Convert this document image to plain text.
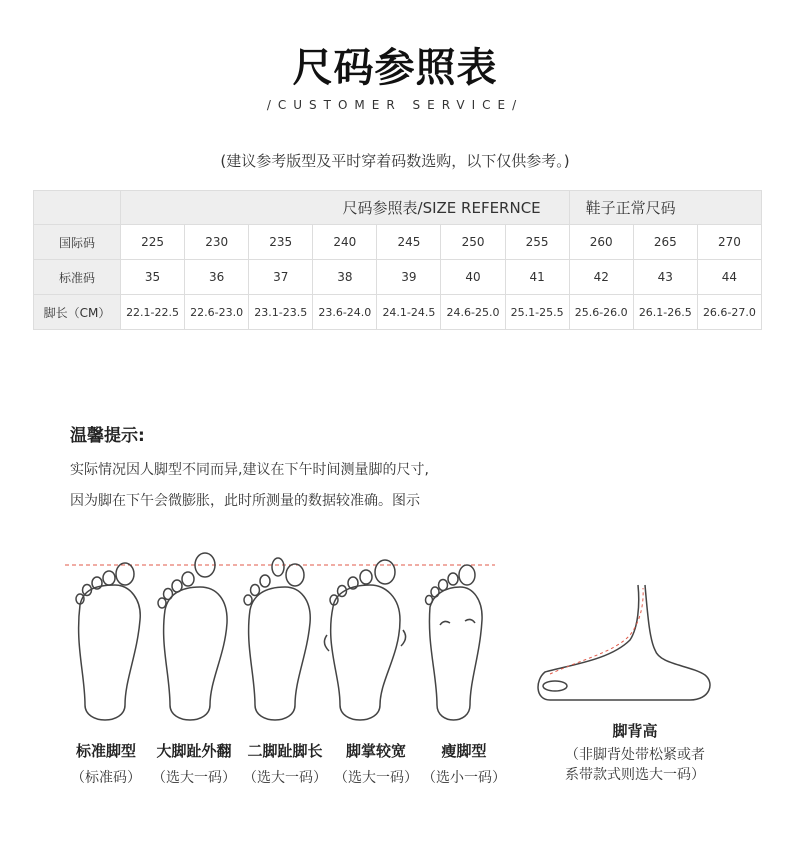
尺码参照表
/CUSTOMER SERVICE/
(建议参考版型及平时穿着码数选购，以下仅供参考。)
	尺码参照表/SIZE REFERNCE							鞋子正常尺码		
国际码	225	230	235	240	245	250	255	260	265	270
标准码	35	36	37	38	39	40	41	42	43	44
脚长（CM）	22.1-22.5	22.6-23.0	23.1-23.5	23.6-24.0	24.1-24.5	24.6-25.0	25.1-25.5	25.6-26.0	26.1-26.5	26.6-27.0
温馨提示:
实际情况因人脚型不同而异,建议在下午时间测量脚的尺寸,
因为脚在下午会微膨胀，此时所测量的数据较准确。图示
标准脚型
（标准码）
大脚趾外翻
（选大一码）
二脚趾脚长
（选大一码）
脚掌较宽
（选大一码）
瘦脚型
（选小一码）
脚背高
（非脚背处带松紧或者
系带款式则选大一码）
